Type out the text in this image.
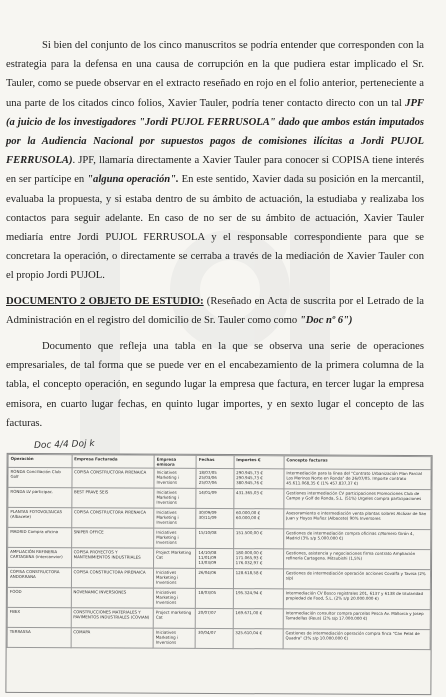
Si bien del conjunto de los cinco manuscritos se podría entender que corresponden con la estrategia para la defensa en una causa de corrupción en la que pudiera estar implicado el Sr. Tauler, como se puede observar en el extracto reseñado en rojo en el folio anterior, perteneciente a una parte de los citados cinco folios, Xavier Tauler, podría tener contacto directo con un tal JPF (a juicio de los investigadores "Jordi PUJOL FERRUSOLA" dado que ambos están imputados por la Audiencia Nacional por supuestos pagos de comisiones ilícitas a Jordi PUJOL FERRUSOLA). JPF, llamaría directamente a Xavier Tauler para conocer si COPISA tiene interés en ser partícipe en "alguna operación". En este sentido, Xavier dada su posición en la mercantil, evaluaba la propuesta, y si estaba dentro de su ámbito de actuación, la estudiaba y realizaba los contactos para seguir adelante. En caso de no ser de su ámbito de actuación, Xavier Tauler mediaría entre Jordi PUJOL FERRUSOLA y el responsable correspondiente para que se concretara la operación, o directamente se cerraba a través de la mediación de Xavier Tauler con el propio Jordi PUJOL.
DOCUMENTO 2 OBJETO DE ESTUDIO: (Reseñado en Acta de suscrita por el Letrado de la Administración en el registro del domicilio de Sr. Tauler como como "Doc nº 6")
Documento que refleja una tabla en la que se observa una serie de operaciones empresariales, de tal forma que se puede ver en el encabezamiento de la primera columna de la tabla, el concepto operación, en segundo lugar la empresa que factura, en tercer lugar la empresa emisora, en cuarto lugar fechas, en quinto lugar importes, y en sexto lugar el concepto de las facturas.
Doc 4/4 Doj k
Operación	Empresa Facturada	Empresa emisora	Fechas	Importes €	Concepto facturas
RONDA Conciliación Club Golf	COPISA CONSTRUCTORA PIRENAICA	Iniciatives Marketing i Inversions	18/07/05 25/03/06 25/07/06	290.945,73 € 290.945,73 € 380.945,76 €	Intermediación para la línea del "Contrato Urbanización Plan Parcial Los Merinos Norte en Ronda" de 26/07/05. Importe contrato 45.611.068,35 € (1% 457.837,37 €)
RONDA LV participac.	BEST PRAVE SEIS	Iniciatives Marketing i Inversions	14/01/09	431.365,03 €	Gestiones intermediación CV participaciones Promociones Club de Campo y Golf de Ronda, S.L. (51%) Urgeles compra participaciones
PLANTAS FOTOVOLTAICAS (Albacete)	COPISA CONSTRUCTORA PIRENAICA	Iniciatives Marketing i Inversions	30/09/09 30/11/09	60.000,00 € 60.000,00 €	Asesoramiento e intermediación venta plantas solares Alcázar de San Juan y Hoyos Muñoz (Albacete) 90% Inversores
MADRID Compra oficina	SNIPER OFFICE	Iniciatives Marketing i Inversions	15/10/08	151.500,00 €	Gestiones de intermediación compra oficinas c/Romero Girón 4, Madrid (3% s/p 5.000.000 €)
AMPLIACIÓN REFINERIA CARTAGENA (intercanvior)	COPISA PROYECTOS Y MANTENIMIENTOS INDUSTRIALES	Project Marketing Cat	14/10/08 11/01/09 13/03/09	180.000,00 € 171.065,93 € 176.032,97 €	Gestiones, asistencia y negociaciones firma contrato Ampliación refinería Cartagena. Mitsubishi (1,5%)
COPISA CONSTRUCTORA ANDORRANA	COPISA CONSTRUCTORA PIRENAICA	Iniciatives Marketing i Inversions	26/04/06	128.618,58 €	Gestiones de intermediación operación acciones Covalfa y Tavisa (2% s/p)
FOOD	NOVENAMIC INVERSIONES	Iniciatives Marketing i Inversions	18/03/05	195.324,94 €	Intermediación CV Bosco registrales 201, 6137 y 6138 de titularidad propiedad de Food, S.L. (2% s/p 20.000.000 €)
FBEX	CONSTRUCCIONES MATERIALES Y PAVIMENTOS INDUSTRIALES (COVIAN)	Project marketing Cat	20/07/07	169.671,00 €	Intermediación consultor compra parcelas Pesca Av. Mallorca y Josep Tarradellas (Reus) (2% s/p 17.000.000 €)
TERRASSA	COMAPA	Iniciatives Marketing i Inversions	30/04/07	325.610,04 €	Gestiones de intermediación operación compra finca "Can Pelat de Quadra" (3% s/p 10.000.000 €)
